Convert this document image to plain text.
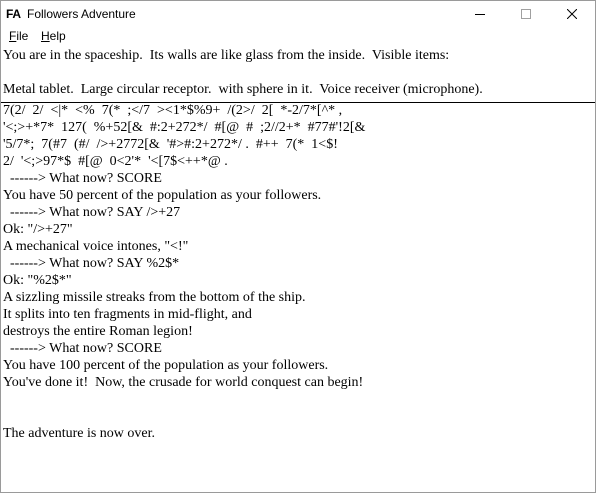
FA Followers Adventure
File Help
You are in the spaceship.  Its walls are like glass from the inside.  Visible items:
Metal tablet.  Large circular receptor.  with sphere in it.  Voice receiver (microphone).
7(2/  2/  <|*  <%  7(*  ;</7  ><1*$%9+  /(2>/  2[  *-2/7*[^* ,
'<;>+*7*  127(  %+52[&  #:2+272*/  #[@  #  ;2//2+*  #77#'!2[&
'5/7*;  7(#7  (#/  />+2772[&  '#>#:2+272*/ .  #++  7(*  1<$!
2/  '<;>97*$  #[@  0<2'*  '<[7$<++*@ .
------> What now? SCORE
You have 50 percent of the population as your followers.
------> What now? SAY />+27
Ok: "/>+27"
A mechanical voice intones, "<!"
------> What now? SAY %2$*
Ok: "%2$*"
A sizzling missile streaks from the bottom of the ship.
It splits into ten fragments in mid-flight, and
destroys the entire Roman legion!
------> What now? SCORE
You have 100 percent of the population as your followers.
You've done it!  Now, the crusade for world conquest can begin!
The adventure is now over.
